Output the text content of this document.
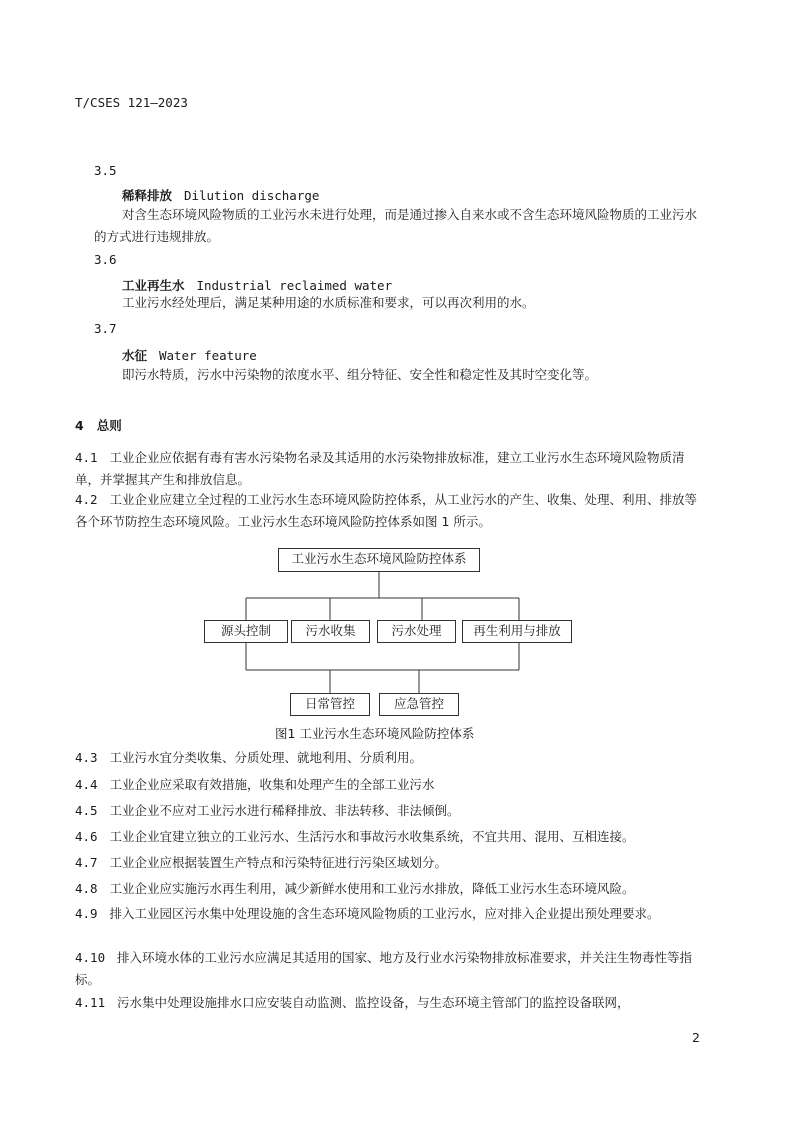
T/CSES 121—2023
3.5
稀释排放 Dilution discharge
对含生态环境风险物质的工业污水未进行处理，而是通过掺入自来水或不含生态环境风险物质的工业污水的方式进行违规排放。
3.6
工业再生水 Industrial reclaimed water
工业污水经处理后，满足某种用途的水质标准和要求，可以再次利用的水。
3.7
水征 Water feature
即污水特质，污水中污染物的浓度水平、组分特征、安全性和稳定性及其时空变化等。
4 总则
4.1 工业企业应依据有毒有害水污染物名录及其适用的水污染物排放标准，建立工业污水生态环境风险物质清单，并掌握其产生和排放信息。
4.2 工业企业应建立全过程的工业污水生态环境风险防控体系，从工业污水的产生、收集、处理、利用、排放等各个环节防控生态环境风险。工业污水生态环境风险防控体系如图 1 所示。
工业污水生态环境风险防控体系
源头控制	污水收集	污水处理	再生利用与排放
日常管控	应急管控
图1 工业污水生态环境风险防控体系
4.3 工业污水宜分类收集、分质处理、就地利用、分质利用。
4.4 工业企业应采取有效措施，收集和处理产生的全部工业污水
4.5 工业企业不应对工业污水进行稀释排放、非法转移、非法倾倒。
4.6 工业企业宜建立独立的工业污水、生活污水和事故污水收集系统，不宜共用、混用、互相连接。
4.7 工业企业应根据装置生产特点和污染特征进行污染区域划分。
4.8 工业企业应实施污水再生利用，减少新鲜水使用和工业污水排放，降低工业污水生态环境风险。
4.9 排入工业园区污水集中处理设施的含生态环境风险物质的工业污水，应对排入企业提出预处理要求。
4.10 排入环境水体的工业污水应满足其适用的国家、地方及行业水污染物排放标准要求，并关注生物毒性等指标。
4.11 污水集中处理设施排水口应安装自动监测、监控设备，与生态环境主管部门的监控设备联网，
2
